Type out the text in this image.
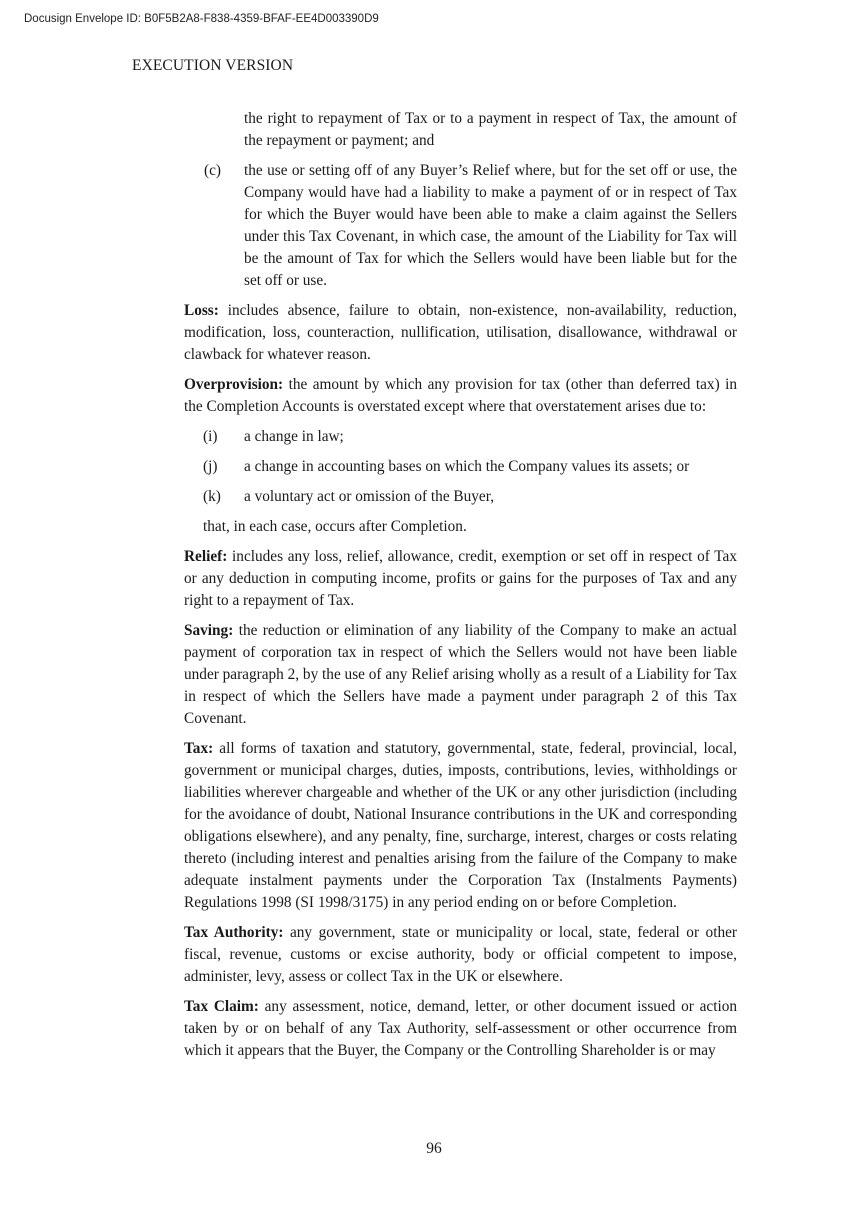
Docusign Envelope ID: B0F5B2A8-F838-4359-BFAF-EE4D003390D9
EXECUTION VERSION

the right to repayment of Tax or to a payment in respect of Tax, the amount of the repayment or payment; and

(c)	the use or setting off of any Buyer’s Relief where, but for the set off or use, the Company would have had a liability to make a payment of or in respect of Tax for which the Buyer would have been able to make a claim against the Sellers under this Tax Covenant, in which case, the amount of the Liability for Tax will be the amount of Tax for which the Sellers would have been liable but for the set off or use.

Loss: includes absence, failure to obtain, non-existence, non-availability, reduction, modification, loss, counteraction, nullification, utilisation, disallowance, withdrawal or clawback for whatever reason.

Overprovision: the amount by which any provision for tax (other than deferred tax) in the Completion Accounts is overstated except where that overstatement arises due to:

(i)	a change in law;
(j)	a change in accounting bases on which the Company values its assets; or
(k)	a voluntary act or omission of the Buyer,

that, in each case, occurs after Completion.

Relief: includes any loss, relief, allowance, credit, exemption or set off in respect of Tax or any deduction in computing income, profits or gains for the purposes of Tax and any right to a repayment of Tax.

Saving: the reduction or elimination of any liability of the Company to make an actual payment of corporation tax in respect of which the Sellers would not have been liable under paragraph 2, by the use of any Relief arising wholly as a result of a Liability for Tax in respect of which the Sellers have made a payment under paragraph 2 of this Tax Covenant.

Tax: all forms of taxation and statutory, governmental, state, federal, provincial, local, government or municipal charges, duties, imposts, contributions, levies, withholdings or liabilities wherever chargeable and whether of the UK or any other jurisdiction (including for the avoidance of doubt, National Insurance contributions in the UK and corresponding obligations elsewhere), and any penalty, fine, surcharge, interest, charges or costs relating thereto (including interest and penalties arising from the failure of the Company to make adequate instalment payments under the Corporation Tax (Instalments Payments) Regulations 1998 (SI 1998/3175) in any period ending on or before Completion.

Tax Authority: any government, state or municipality or local, state, federal or other fiscal, revenue, customs or excise authority, body or official competent to impose, administer, levy, assess or collect Tax in the UK or elsewhere.

Tax Claim: any assessment, notice, demand, letter, or other document issued or action taken by or on behalf of any Tax Authority, self-assessment or other occurrence from which it appears that the Buyer, the Company or the Controlling Shareholder is or may

96
